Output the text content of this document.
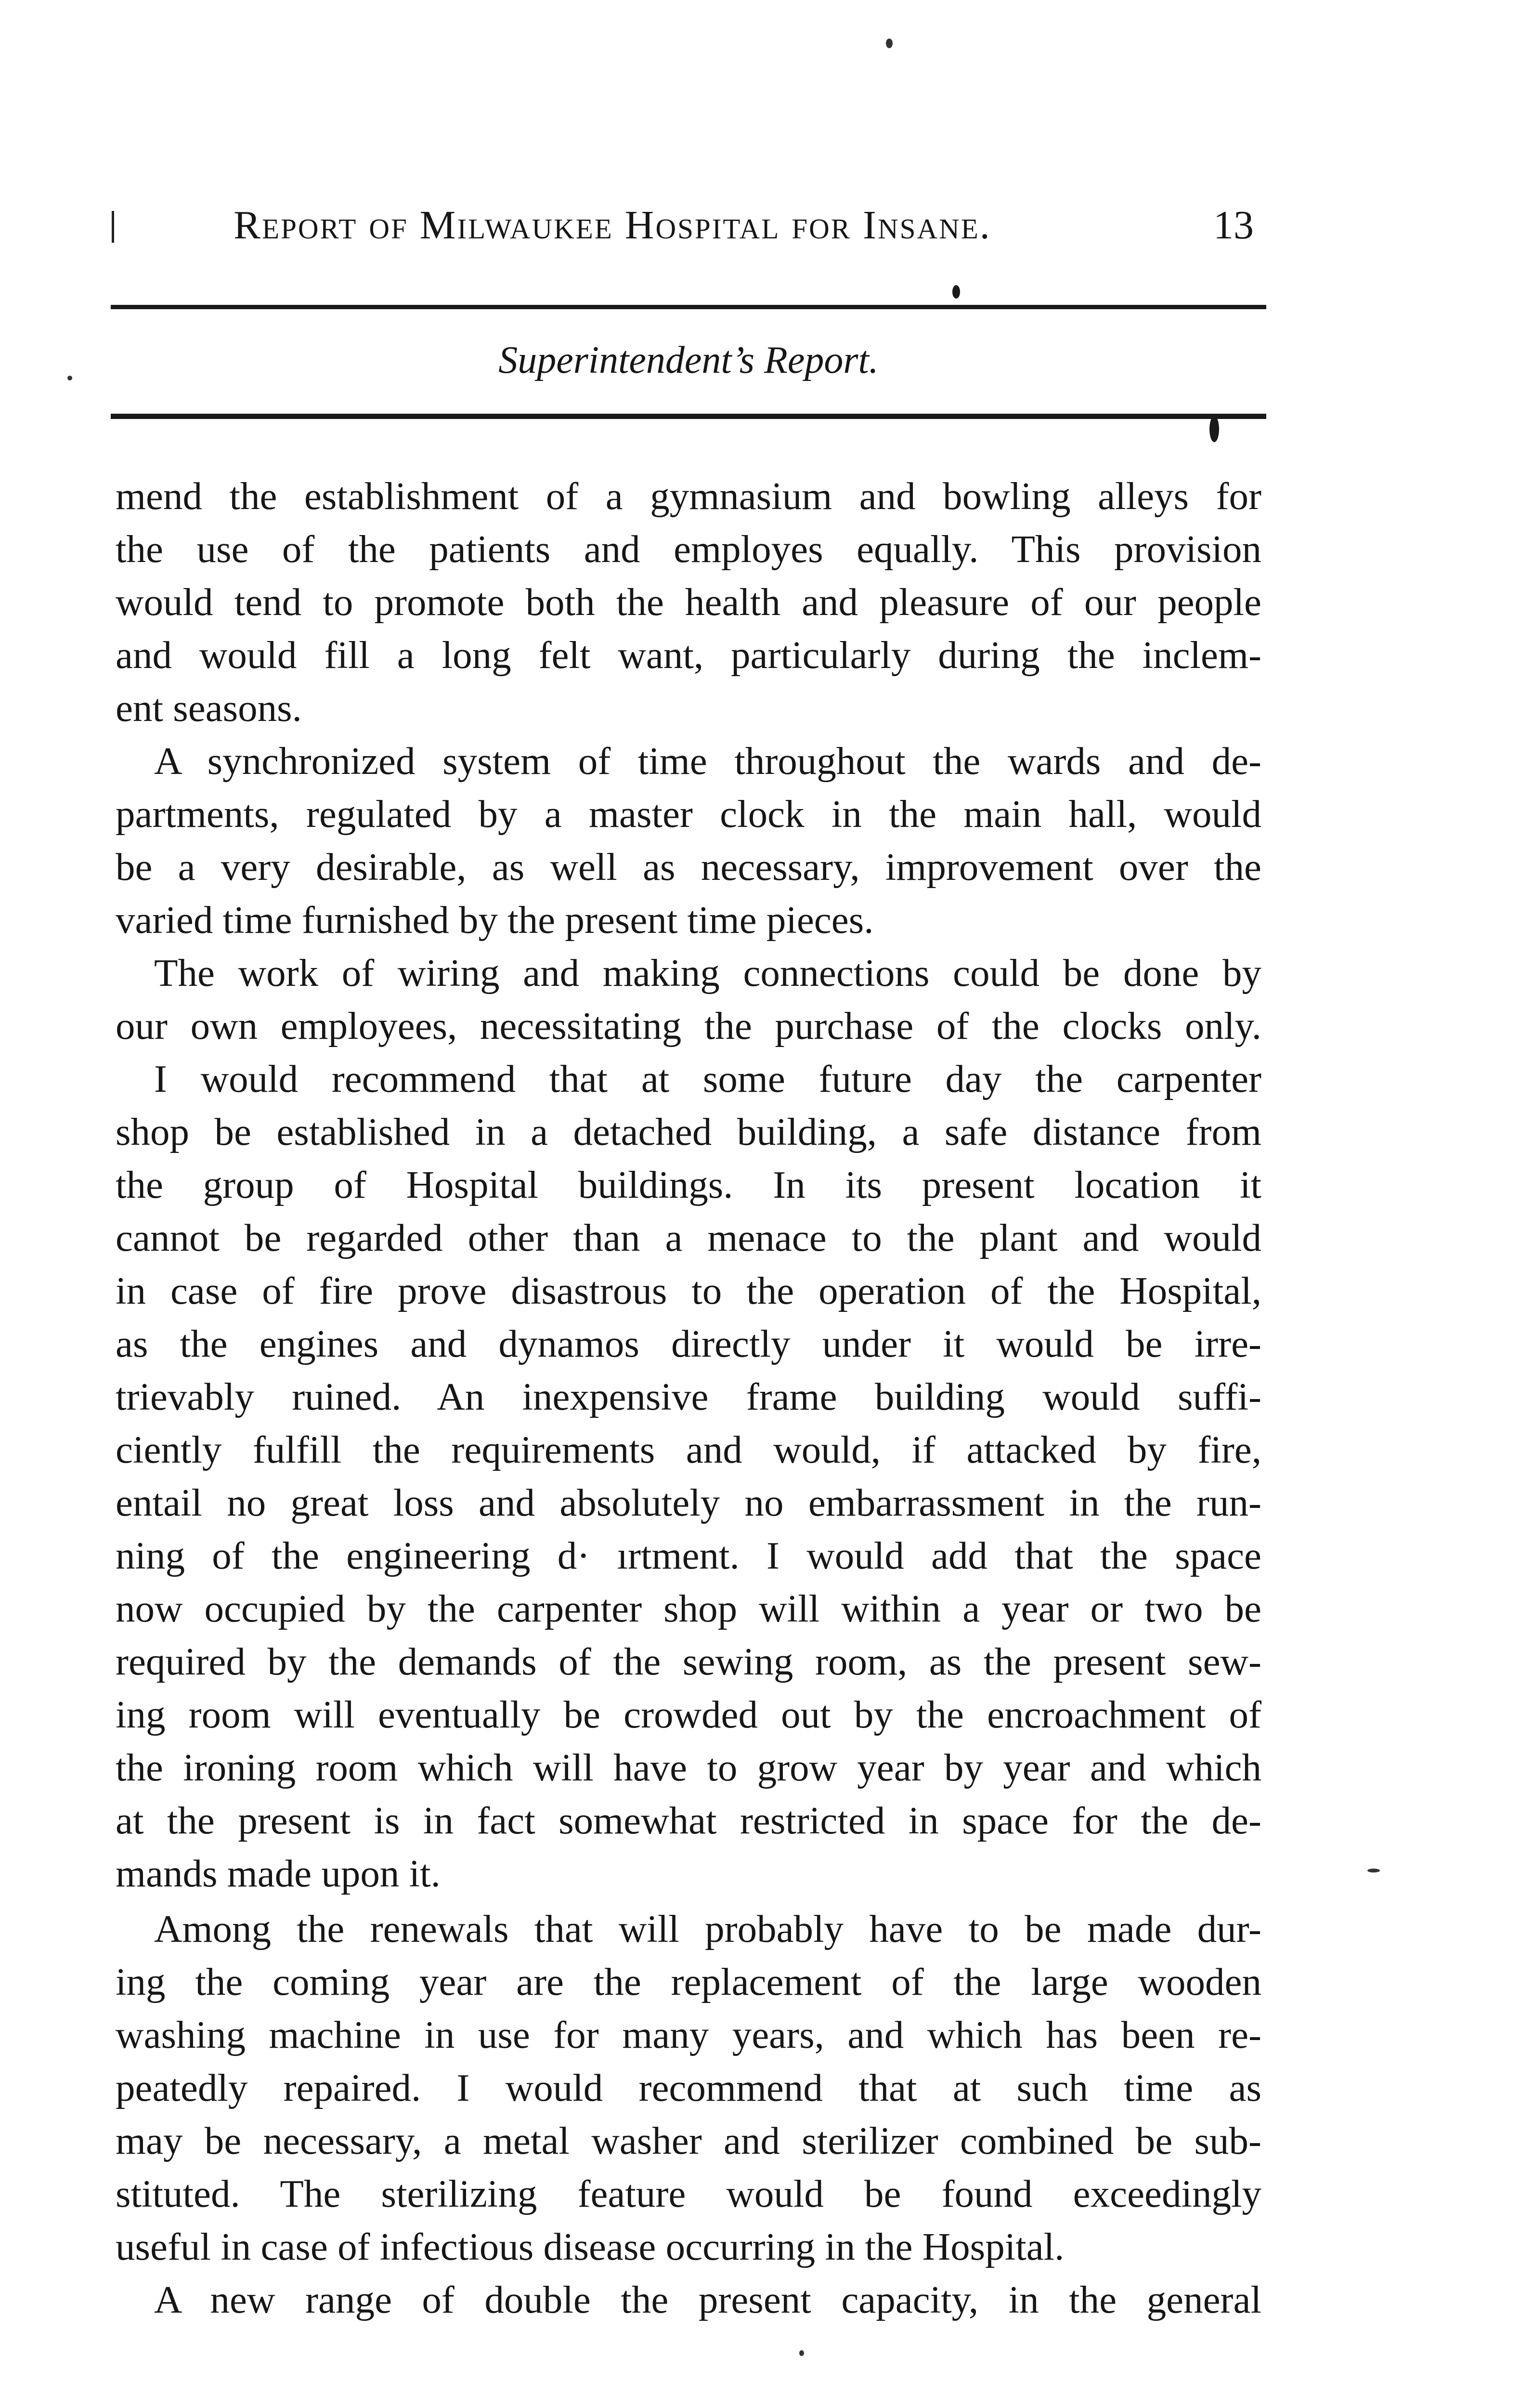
Report of Milwaukee Hospital for Insane.	13
Superintendent’s Report.
mend the establishment of a gymnasium and bowling alleys for
the use of the patients and employes equally. This provision
would tend to promote both the health and pleasure of our people
and would fill a long felt want, particularly during the inclem-
ent seasons.
A synchronized system of time throughout the wards and de-
partments, regulated by a master clock in the main hall, would
be a very desirable, as well as necessary, improvement over the
varied time furnished by the present time pieces.
The work of wiring and making connections could be done by
our own employees, necessitating the purchase of the clocks only.
I would recommend that at some future day the carpenter
shop be established in a detached building, a safe distance from
the group of Hospital buildings. In its present location it
cannot be regarded other than a menace to the plant and would
in case of fire prove disastrous to the operation of the Hospital,
as the engines and dynamos directly under it would be irre-
trievably ruined. An inexpensive frame building would suffi-
ciently fulfill the requirements and would, if attacked by fire,
entail no great loss and absolutely no embarrassment in the run-
ning of the engineering d· ırtment. I would add that the space
now occupied by the carpenter shop will within a year or two be
required by the demands of the sewing room, as the present sew-
ing room will eventually be crowded out by the encroachment of
the ironing room which will have to grow year by year and which
at the present is in fact somewhat restricted in space for the de-
mands made upon it.
Among the renewals that will probably have to be made dur-
ing the coming year are the replacement of the large wooden
washing machine in use for many years, and which has been re-
peatedly repaired. I would recommend that at such time as
may be necessary, a metal washer and sterilizer combined be sub-
stituted. The sterilizing feature would be found exceedingly
useful in case of infectious disease occurring in the Hospital.
A new range of double the present capacity, in the general
